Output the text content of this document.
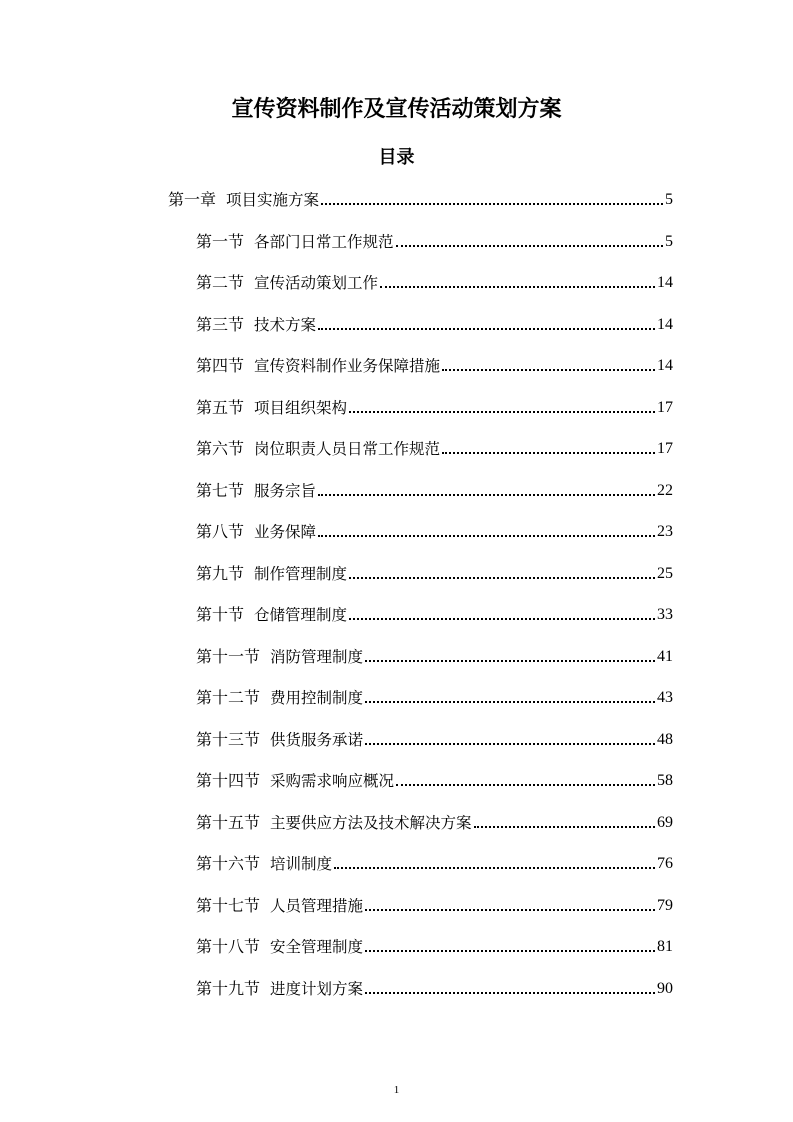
宣传资料制作及宣传活动策划方案
目录
第一章 项目实施方案	5
第一节 各部门日常工作规范	5
第二节 宣传活动策划工作	14
第三节 技术方案	14
第四节 宣传资料制作业务保障措施	14
第五节 项目组织架构	17
第六节 岗位职责人员日常工作规范	17
第七节 服务宗旨	22
第八节 业务保障	23
第九节 制作管理制度	25
第十节 仓储管理制度	33
第十一节 消防管理制度	41
第十二节 费用控制制度	43
第十三节 供货服务承诺	48
第十四节 采购需求响应概况	58
第十五节 主要供应方法及技术解决方案	69
第十六节 培训制度	76
第十七节 人员管理措施	79
第十八节 安全管理制度	81
第十九节 进度计划方案	90
1
